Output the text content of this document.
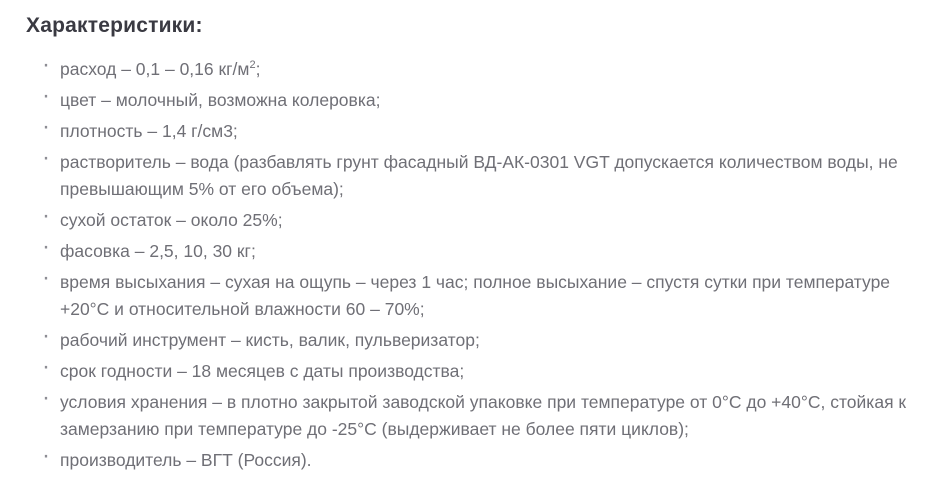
Характеристики:
· расход – 0,1 – 0,16 $кг/м^2$;
· цвет – молочный, возможна колеровка;
· плотность – 1,4 г/см3;
· растворитель – вода (разбавлять грунт фасадный ВД-АК-0301 VGT допускается количеством воды, не превышающим 5% от его объема);
· сухой остаток – около 25%;
· фасовка – 2,5, 10, 30 кг;
· время высыхания – сухая на ощупь – через 1 час; полное высыхание – спустя сутки при температуре +20°С и относительной влажности 60 – 70%;
· рабочий инструмент – кисть, валик, пульверизатор;
· срок годности – 18 месяцев с даты производства;
· условия хранения – в плотно закрытой заводской упаковке при температуре от 0°С до +40°С, стойкая к замерзанию при температуре до -25°С (выдерживает не более пяти циклов);
· производитель – ВГТ (Россия).
